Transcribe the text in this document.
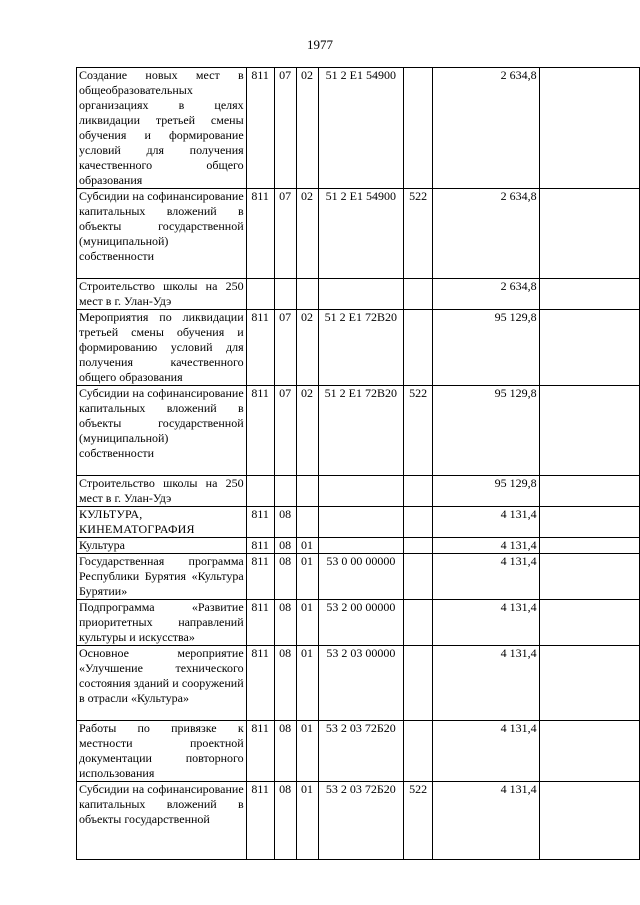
1977
Создание новых мест в общеобразовательных организациях в целях ликвидации третьей смены обучения и формирование условий для получения качественного общего образования	811	07	02	51 2 E1 54900		2 634,8	
Субсидии на софинансирование капитальных вложений в объекты государственной (муниципальной) собственности	811	07	02	51 2 E1 54900	522	2 634,8	
Строительство школы на 250 мест в г. Улан-Удэ						2 634,8	
Мероприятия по ликвидации третьей смены обучения и формированию условий для получения качественного общего образования	811	07	02	51 2 E1 72B20		95 129,8	
Субсидии на софинансирование капитальных вложений в объекты государственной (муниципальной) собственности	811	07	02	51 2 E1 72B20	522	95 129,8	
Строительство школы на 250 мест в г. Улан-Удэ						95 129,8	
КУЛЬТУРА, КИНЕМАТОГРАФИЯ	811	08				4 131,4	
Культура	811	08	01			4 131,4	
Государственная программа Республики Бурятия «Культура Бурятии»	811	08	01	53 0 00 00000		4 131,4	
Подпрограмма «Развитие приоритетных направлений культуры и искусства»	811	08	01	53 2 00 00000		4 131,4	
Основное мероприятие «Улучшение технического состояния зданий и сооружений в отрасли «Культура»	811	08	01	53 2 03 00000		4 131,4	
Работы по привязке к местности проектной документации повторного использования	811	08	01	53 2 03 72Б20		4 131,4	
Субсидии на софинансирование капитальных вложений в объекты государственной	811	08	01	53 2 03 72Б20	522	4 131,4	
